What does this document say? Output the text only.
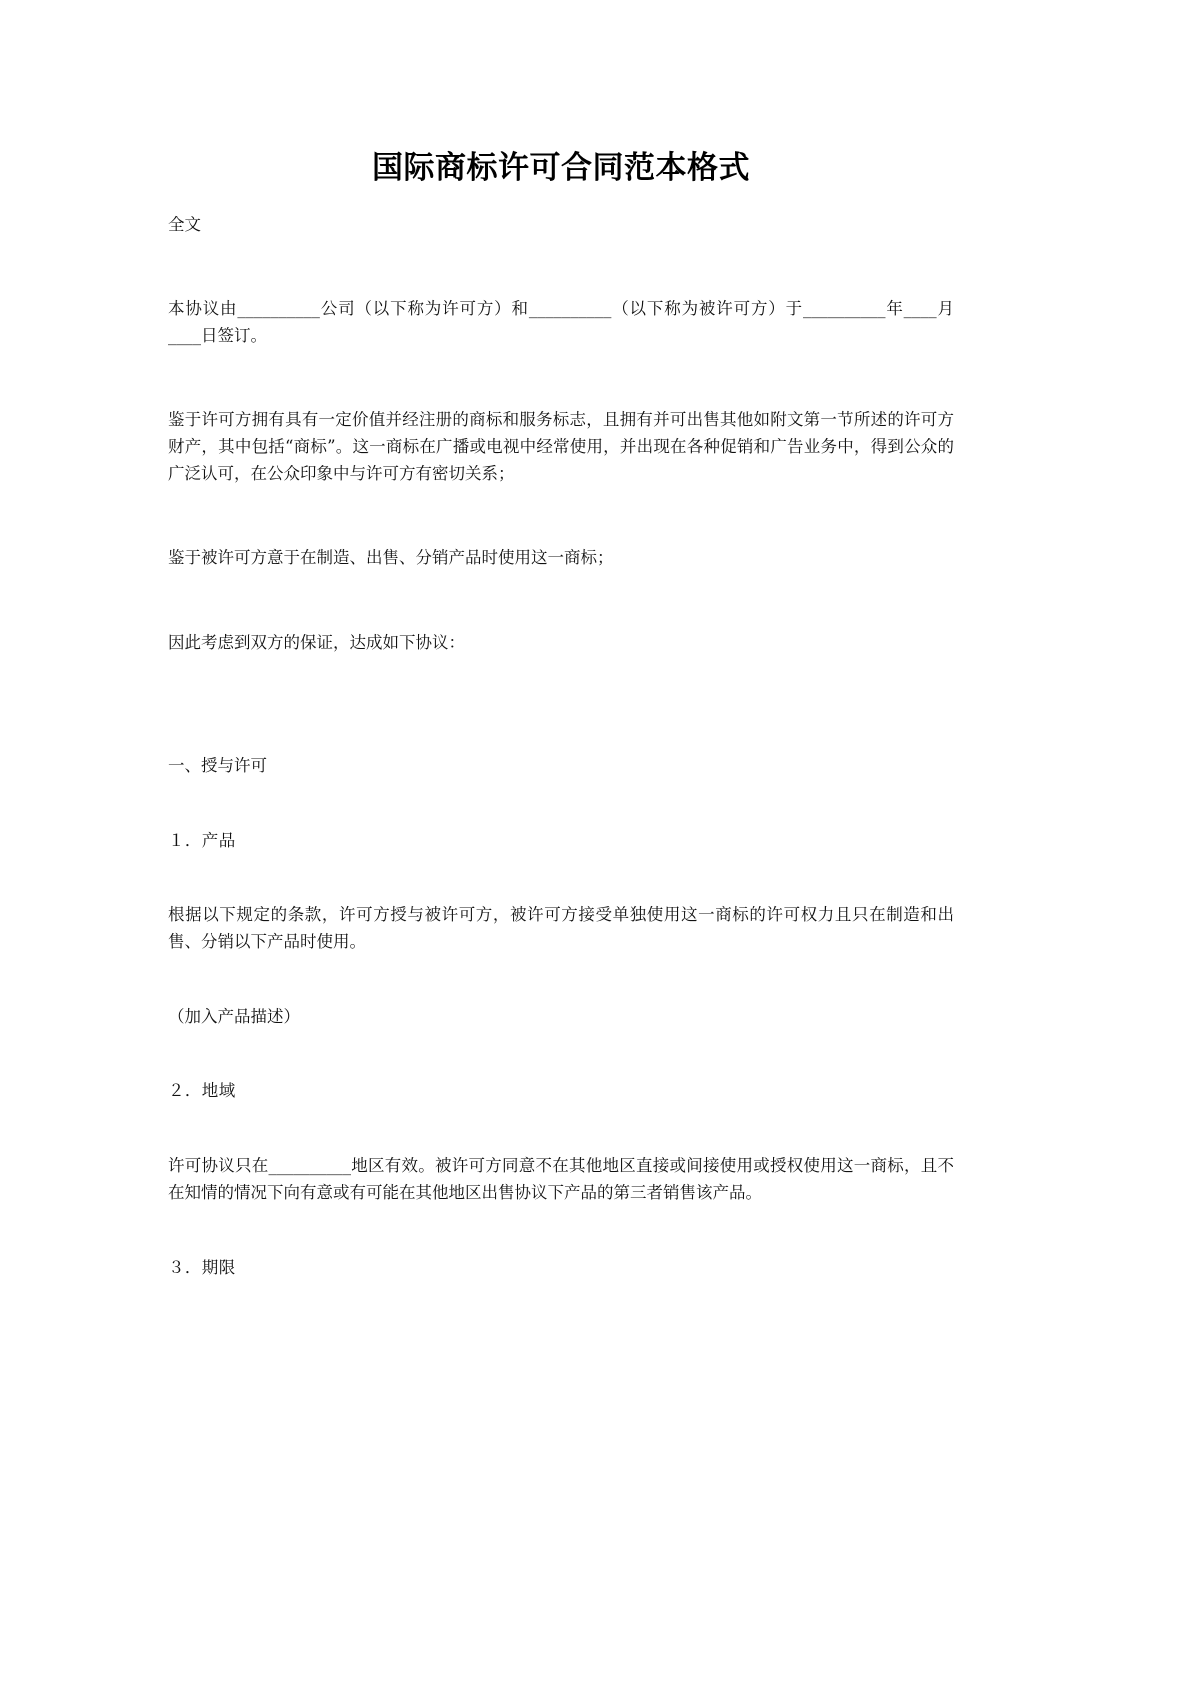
国际商标许可合同范本格式
全文

本协议由__________公司（以下称为许可方）和__________（以下称为被许可方）于__________年____月____日签订。

鉴于许可方拥有具有一定价值并经注册的商标和服务标志，且拥有并可出售其他如附文第一节所述的许可方财产，其中包括“商标”。这一商标在广播或电视中经常使用，并出现在各种促销和广告业务中，得到公众的广泛认可，在公众印象中与许可方有密切关系；

鉴于被许可方意于在制造、出售、分销产品时使用这一商标；

因此考虑到双方的保证，达成如下协议：

一、授与许可

１．产品

根据以下规定的条款，许可方授与被许可方，被许可方接受单独使用这一商标的许可权力且只在制造和出售、分销以下产品时使用。

（加入产品描述）

２．地域

许可协议只在__________地区有效。被许可方同意不在其他地区直接或间接使用或授权使用这一商标，且不在知情的情况下向有意或有可能在其他地区出售协议下产品的第三者销售该产品。

３．期限
